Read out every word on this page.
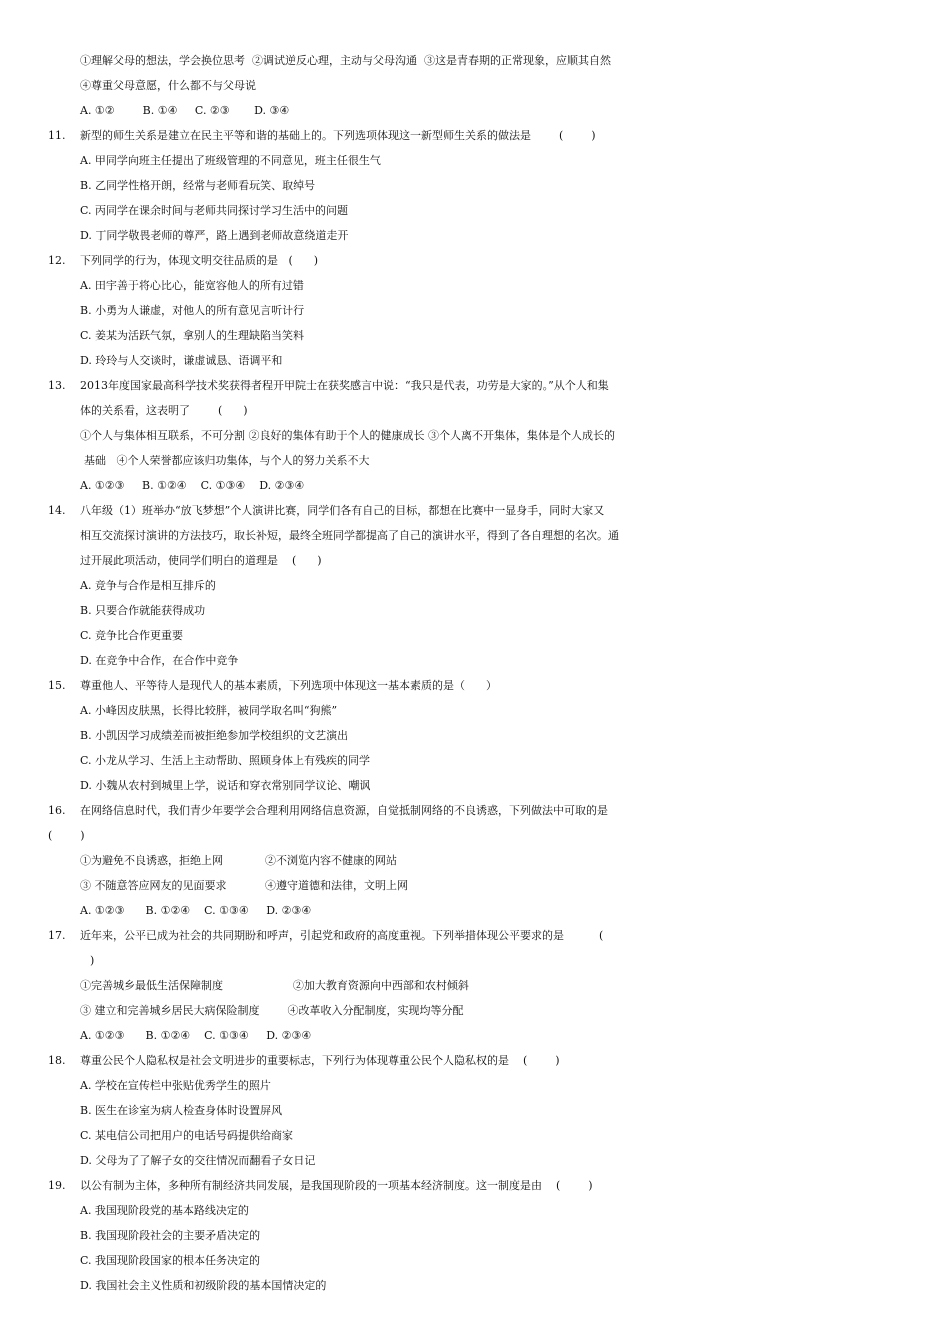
①理解父母的想法，学会换位思考  ②调试逆反心理，主动与父母沟通  ③这是青春期的正常现象，应顺其自然
④尊重父母意愿，什么都不与父母说
A. ①②        B. ①④     C. ②③       D. ③④
11. 新型的师生关系是建立在民主平等和谐的基础上的。下列选项体现这一新型师生关系的做法是        (        )
A. 甲同学向班主任提出了班级管理的不同意见，班主任很生气
B. 乙同学性格开朗，经常与老师看玩笑、取绰号
C. 丙同学在课余时间与老师共同探讨学习生活中的问题
D. 丁同学敬畏老师的尊严，路上遇到老师故意绕道走开
12. 下列同学的行为，体现文明交往品质的是   (      )
A. 田宇善于将心比心，能宽容他人的所有过错
B. 小勇为人谦虚，对他人的所有意见言听计行
C. 姜某为活跃气氛，拿别人的生理缺陷当笑料
D. 玲玲与人交谈时，谦虚诚恳、语调平和
13. 2013年度国家最高科学技术奖获得者程开甲院士在获奖感言中说：“我只是代表，功劳是大家的。”从个人和集
体的关系看，这表明了        (      )
①个人与集体相互联系，不可分割 ②良好的集体有助于个人的健康成长 ③个人离不开集体，集体是个人成长的
基础   ④个人荣誉都应该归功集体，与个人的努力关系不大
A. ①②③     B. ①②④    C. ①③④    D. ②③④
14. 八年级（1）班举办“放飞梦想”个人演讲比赛，同学们各有自己的目标，都想在比赛中一显身手，同时大家又
相互交流探讨演讲的方法技巧，取长补短，最终全班同学都提高了自己的演讲水平，得到了各自理想的名次。通
过开展此项活动，使同学们明白的道理是    (      )
A. 竞争与合作是相互排斥的
B. 只要合作就能获得成功
C. 竞争比合作更重要
D. 在竞争中合作，在合作中竞争
15. 尊重他人、平等待人是现代人的基本素质，下列选项中体现这一基本素质的是（      ）
A. 小峰因皮肤黑，长得比较胖，被同学取名叫“狗熊”
B. 小凯因学习成绩差而被拒绝参加学校组织的文艺演出
C. 小龙从学习、生活上主动帮助、照顾身体上有残疾的同学
D. 小魏从农村到城里上学，说话和穿衣常别同学议论、嘲讽
16. 在网络信息时代，我们青少年要学会合理利用网络信息资源，自觉抵制网络的不良诱惑，下列做法中可取的是
(        )
①为避免不良诱惑，拒绝上网            ②不浏览内容不健康的网站
③ 不随意答应网友的见面要求           ④遵守道德和法律，文明上网
A. ①②③      B. ①②④    C. ①③④     D. ②③④
17. 近年来，公平已成为社会的共同期盼和呼声，引起党和政府的高度重视。下列举措体现公平要求的是          (
)
①完善城乡最低生活保障制度                    ②加大教育资源向中西部和农村倾斜
③ 建立和完善城乡居民大病保险制度        ④改革收入分配制度，实现均等分配
A. ①②③      B. ①②④    C. ①③④     D. ②③④
18. 尊重公民个人隐私权是社会文明进步的重要标志，下列行为体现尊重公民个人隐私权的是    (        )
A. 学校在宣传栏中张贴优秀学生的照片
B. 医生在诊室为病人检查身体时设置屏风
C. 某电信公司把用户的电话号码提供给商家
D. 父母为了了解子女的交往情况而翻看子女日记
19. 以公有制为主体，多种所有制经济共同发展，是我国现阶段的一项基本经济制度。这一制度是由    (        )
A. 我国现阶段党的基本路线决定的
B. 我国现阶段社会的主要矛盾决定的
C. 我国现阶段国家的根本任务决定的
D. 我国社会主义性质和初级阶段的基本国情决定的
